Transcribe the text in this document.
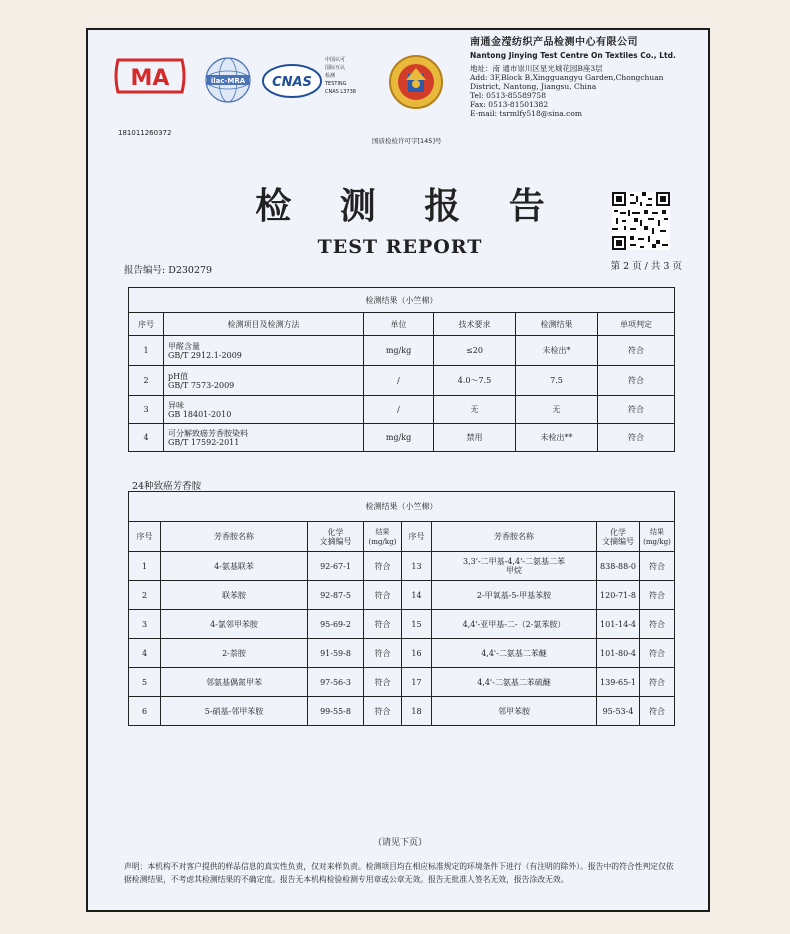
MA
181011260372
ilac-MRA CNAS
中国认可
国际互认
检测
TESTING
CNAS L3738
国质检检许可字[145]号
南通金滢纺织产品检测中心有限公司
Nantong Jinying Test Centre On Textiles Co., Ltd.
地址：南 通市崇川区星光城花园B座3层
Add: 3F,Block B,Xingguangyu Garden,Chongchuan
District, Nantong, Jiangsu, China
Tel: 0513-85589758
Fax: 0513-81501382
E-mail: tsrmlfy518@sina.com
检 测 报 告
TEST REPORT
报告编号: D230279	第 2 页 / 共 3 页
检测结果（小竺棉）					
序号	检测项目及检测方法	单位	技术要求	检测结果	单项判定
1	甲醛含量
GB/T 2912.1-2009	mg/kg	≤20	未检出*	符合
2	pH值
GB/T 7573-2009	/	4.0～7.5	7.5	符合
3	异味
GB 18401-2010	/	无	无	符合
4	可分解致癌芳香胺染料
GB/T 17592-2011	mg/kg	禁用	未检出**	符合
24种致癌芳香胺
检测结果（小竺棉）							
序号	芳香胺名称	化学
文摘编号	结果
(mg/kg)	序号	芳香胺名称	化学
文摘编号	结果
(mg/kg)
1	4-氨基联苯	92-67-1	符合	13	3,3'-二甲基-4,4'-二氨基二苯
甲烷	838-88-0	符合
2	联苯胺	92-87-5	符合	14	2-甲氧基-5-甲基苯胺	120-71-8	符合
3	4-氯邻甲苯胺	95-69-2	符合	15	4,4'-亚甲基-二-（2-氯苯胺）	101-14-4	符合
4	2-萘胺	91-59-8	符合	16	4,4'-二氨基二苯醚	101-80-4	符合
5	邻氨基偶氮甲苯	97-56-3	符合	17	4,4'-二氨基二苯硫醚	139-65-1	符合
6	5-硝基-邻甲苯胺	99-55-8	符合	18	邻甲苯胺	95-53-4	符合
（请见下页）
声明：本机构不对客户提供的样品信息的真实性负责，仅对来样负责。检测项目均在相应标准规定的环境条件下进行（有注明的除外）。报告中的符合性判定仅依据检测结果，不考虑其检测结果的不确定度。报告无本机构检验检测专用章或公章无效。报告无批准人签名无效，报告涂改无效。
